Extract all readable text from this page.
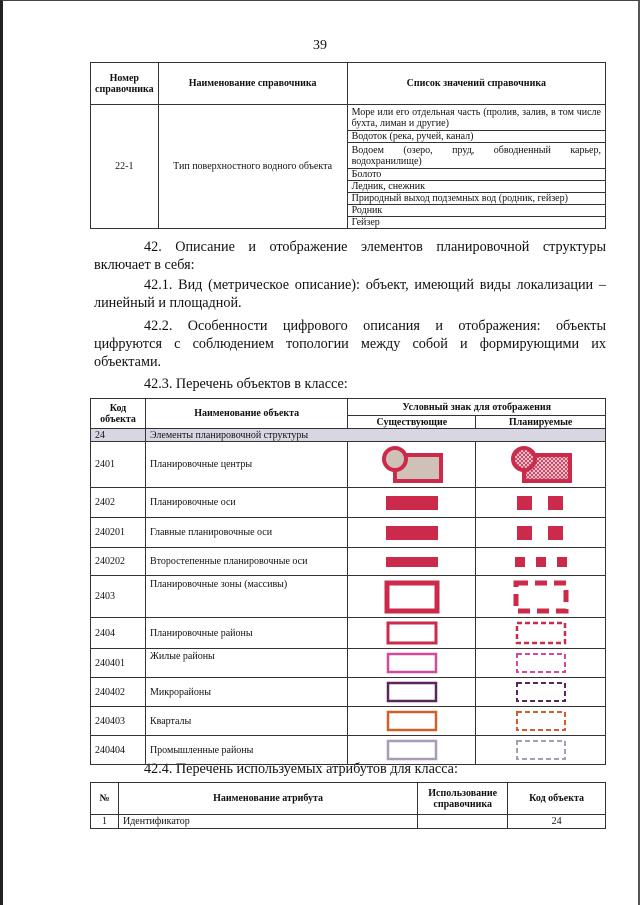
39
Номер справочника	Наименование справочника	Список значений справочника
22-1	Тип поверхностного водного объекта	Море или его отдельная часть (пролив, залив, в том числе бухта, лиман и другие)
		Водоток (река, ручей, канал)
		Водоем (озеро, пруд, обводненный карьер, водохранилище)
		Болото
		Ледник, снежник
		Природный выход подземных вод (родник, гейзер)
		Родник
		Гейзер
42. Описание и отображение элементов планировочной структуры включает в себя:
42.1. Вид (метрическое описание): объект, имеющий виды локализации – линейный и площадной.
42.2. Особенности цифрового описания и отображения: объекты цифруются с соблюдением топологии между собой и формирующими их объектами.
42.3. Перечень объектов в классе:
42.4. Перечень используемых атрибутов для класса:
Код объекта	Наименование объекта	Условный знак для отображения	
		Существующие	Планируемые
24	Элементы планировочной структуры		
2401	Планировочные центры	

2402	Планировочные оси	

240201	Главные планировочные оси	

240202	Второстепенные планировочные оси	

2403	Планировочные зоны (массивы)	

2404	Планировочные районы	

240401	Жилые районы	

240402	Микрорайоны	

240403	Кварталы	

240404	Промышленные районы	

№	Наименование атрибута	Использование справочника	Код объекта
1	Идентификатор		24
